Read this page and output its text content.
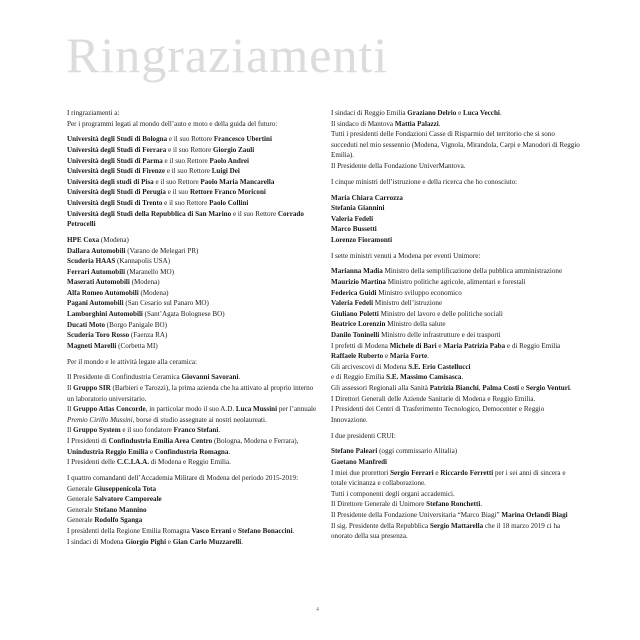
Ringraziamenti

I ringraziamenti a:

Per i programmi legati al mondo dell’auto e moto e della guida del futuro:

Università degli Studi di Bologna e il suo Rettore Francesco Ubertini

Università degli Studi di Ferrara e il suo Rettore Giorgio Zauli

Università degli Studi di Parma e il suo Rettore Paolo Andrei

Università degli Studi di Firenze e il suo Rettore Luigi Dei

Università degli studi di Pisa e il suo Rettore Paolo Maria Mancarella

Università degli Studi di Perugia e il suo Rettore Franco Moriconi

Università degli Studi di Trento e il suo Rettore Paolo Collini

Università degli Studi della Repubblica di San Marino e il suo Rettore Corrado Petrocelli

HPE Coxa (Modena)

Dallara Automobili (Varano de Melegari PR)

Scuderia HAAS (Kannapolis USA)

Ferrari Automobili (Maranello MO)

Maserati Automobili (Modena)

Alfa Romeo Automobili (Modena)

Pagani Automobili (San Cesario sul Panaro MO)

Lamborghini Automobili (Sant’Agata Bolognese BO)

Ducati Moto (Borgo Panigale BO)

Scuderia Toro Rosso (Faenza RA)

Magneti Marelli (Corbetta MI)

Per il mondo e le attività legate alla ceramica:

Il Presidente di Confindustria Ceramica Giovanni Savorani.

Il Gruppo SIR (Barbieri e Tarozzi), la prima azienda che ha attivato al proprio interno un laboratorio universitario.

Il Gruppo Atlas Concorde, in particolar modo il suo A.D. Luca Mussini per l’annuale Premio Cirillo Mussini, borse di studio assegnate ai nostri neolaureati.

Il Gruppo System e il suo fondatore Franco Stefani.

I Presidenti di Confindustria Emilia Area Centro (Bologna, Modena e Ferrara), Unindustria Reggio Emilia e Confindustria Romagna.

I Presidenti delle C.C.I.A.A. di Modena e Reggio Emilia.

I quattro comandanti dell’Accademia Militare di Modena del periodo 2015-2019:

Generale Giuseppenicola Tota

Generale Salvatore Camporeale

Generale Stefano Mannino

Generale Rodolfo Sganga

I presidenti della Regione Emilia Romagna Vasco Errani e Stefano Bonaccini.

I sindaci di Modena Giorgio Pighi e Gian Carlo Muzzarelli.

I sindaci di Reggio Emilia Graziano Delrio e Luca Vecchi.

Il sindaco di Mantova Mattia Palazzi.

Tutti i presidenti delle Fondazioni Casse di Risparmio del territorio che si sono succeduti nel mio sessennio (Modena, Vignola, Mirandola, Carpi e Manodori di Reggio Emilia).

Il Presidente della Fondazione UniverMantova.

I cinque ministri dell’istruzione e della ricerca che ho conosciuto:

Maria Chiara Carrozza

Stefania Giannini

Valeria Fedeli

Marco Bussetti

Lorenzo Fioramonti

I sette ministri venuti a Modena per eventi Unimore:

Marianna Madia Ministro della semplificazione della pubblica amministrazione

Maurizio Martina Ministro politiche agricole, alimentari e forestali

Federica Guidi Ministro sviluppo economico

Valeria Fedeli Ministro dell’istruzione

Giuliano Poletti Ministro del lavoro e delle politiche sociali

Beatrice Lorenzin Ministro della salute

Danilo Toninelli Ministro delle infrastrutture e dei trasporti

I prefetti di Modena Michele di Bari e Maria Patrizia Paba e di Reggio Emilia Raffaele Ruberto e Maria Forte.

Gli arcivescovi di Modena S.E. Erio Castellucci

e di Reggio Emilia S.E. Massimo Camisasca.

Gli assessori Regionali alla Sanità Patrizia Bianchi, Palma Costi e Sergio Venturi.

I Direttori Generali delle Aziende Sanitarie di Modena e Reggio Emilia.

I Presidenti dei Centri di Trasferimento Tecnologico, Democenter e Reggio Innovazione.

I due presidenti CRUI:

Stefano Paleari (oggi commissario Alitalia)

Gaetano Manfredi

I miei due prorettori Sergio Ferrari e Riccardo Ferretti per i sei anni di sincera e totale vicinanza e collaborazione.

Tutti i componenti degli organi accademici.

Il Direttore Generale di Unimore Stefano Ronchetti.

Il Presidente della Fondazione Universitaria “Marco Biagi” Marina Orlandi Biagi

Il sig. Presidente della Repubblica Sergio Mattarella che il 18 marzo 2019 ci ha onorato della sua presenza.

4
